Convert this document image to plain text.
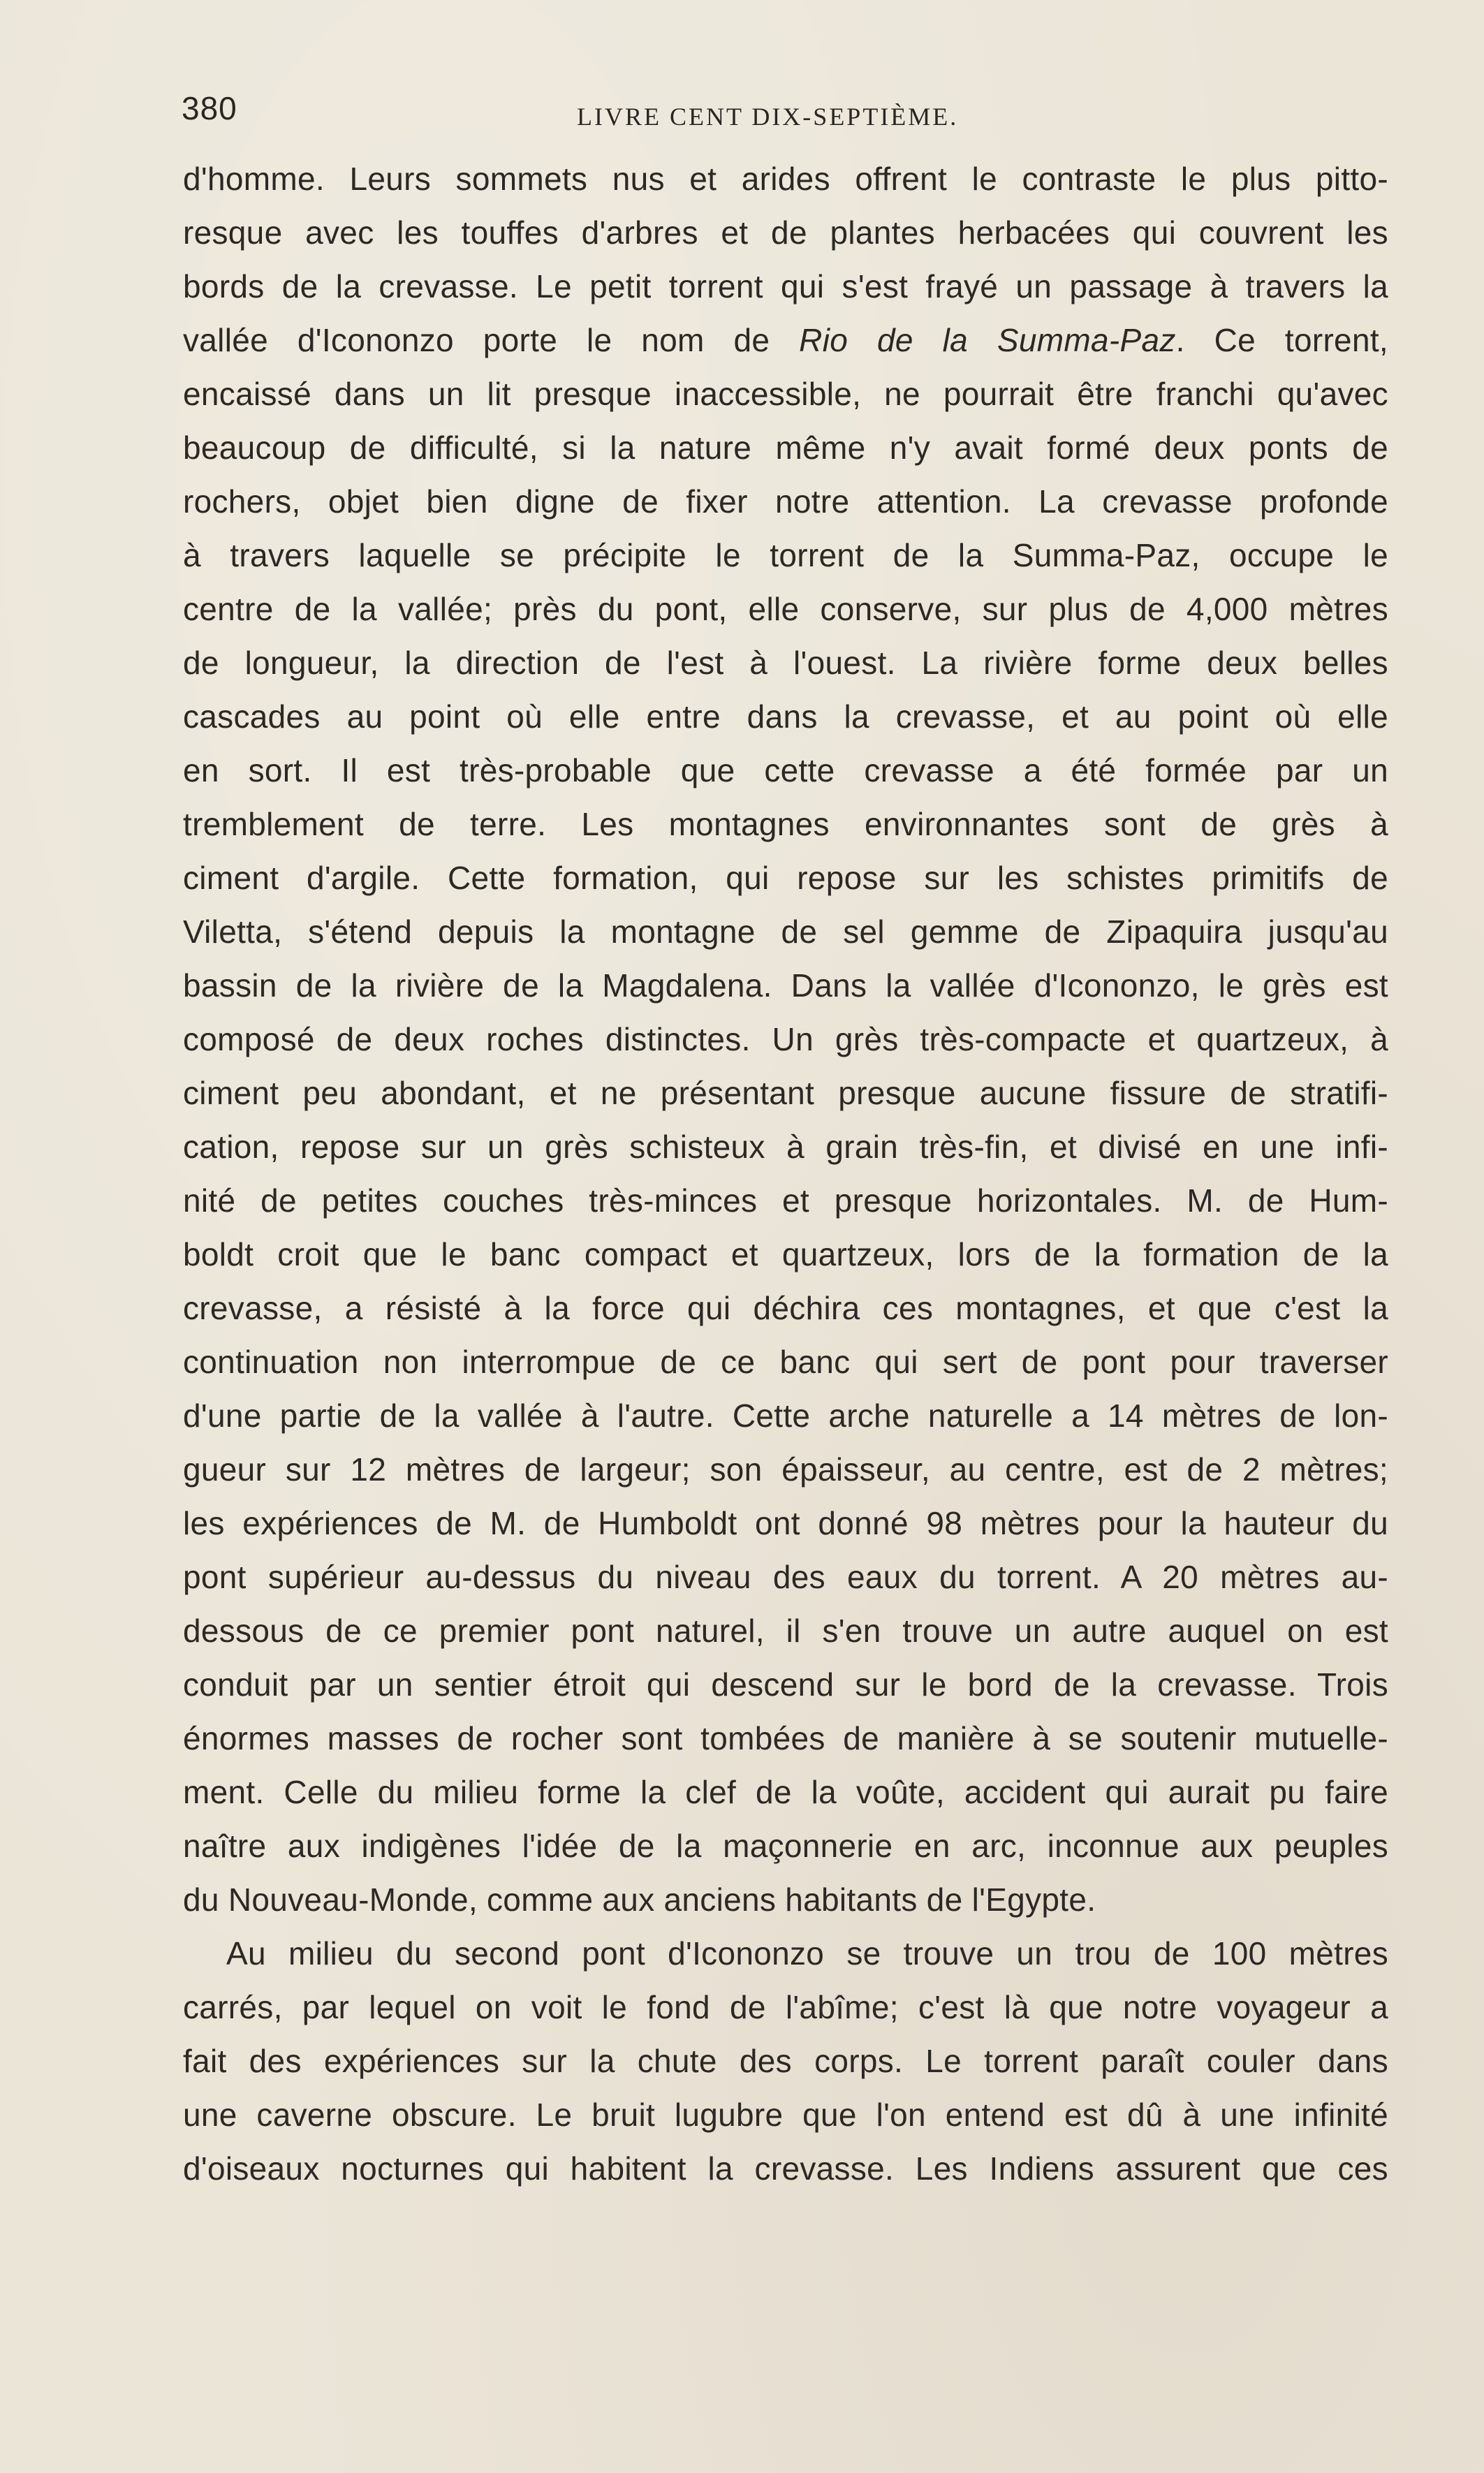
380	LIVRE CENT DIX-SEPTIÈME.
d'homme. Leurs sommets nus et arides offrent le contraste le plus pitto-
resque avec les touffes d'arbres et de plantes herbacées qui couvrent les
bords de la crevasse. Le petit torrent qui s'est frayé un passage à travers la
vallée d'Icononzo porte le nom de Rio de la Summa-Paz. Ce torrent,
encaissé dans un lit presque inaccessible, ne pourrait être franchi qu'avec
beaucoup de difficulté, si la nature même n'y avait formé deux ponts de
rochers, objet bien digne de fixer notre attention. La crevasse profonde
à travers laquelle se précipite le torrent de la Summa-Paz, occupe le
centre de la vallée; près du pont, elle conserve, sur plus de 4,000 mètres
de longueur, la direction de l'est à l'ouest. La rivière forme deux belles
cascades au point où elle entre dans la crevasse, et au point où elle
en sort. Il est très-probable que cette crevasse a été formée par un
tremblement de terre. Les montagnes environnantes sont de grès à
ciment d'argile. Cette formation, qui repose sur les schistes primitifs de
Viletta, s'étend depuis la montagne de sel gemme de Zipaquira jusqu'au
bassin de la rivière de la Magdalena. Dans la vallée d'Icononzo, le grès est
composé de deux roches distinctes. Un grès très-compacte et quartzeux, à
ciment peu abondant, et ne présentant presque aucune fissure de stratifi-
cation, repose sur un grès schisteux à grain très-fin, et divisé en une infi-
nité de petites couches très-minces et presque horizontales. M. de Hum-
boldt croit que le banc compact et quartzeux, lors de la formation de la
crevasse, a résisté à la force qui déchira ces montagnes, et que c'est la
continuation non interrompue de ce banc qui sert de pont pour traverser
d'une partie de la vallée à l'autre. Cette arche naturelle a 14 mètres de lon-
gueur sur 12 mètres de largeur; son épaisseur, au centre, est de 2 mètres;
les expériences de M. de Humboldt ont donné 98 mètres pour la hauteur du
pont supérieur au-dessus du niveau des eaux du torrent. A 20 mètres au-
dessous de ce premier pont naturel, il s'en trouve un autre auquel on est
conduit par un sentier étroit qui descend sur le bord de la crevasse. Trois
énormes masses de rocher sont tombées de manière à se soutenir mutuelle-
ment. Celle du milieu forme la clef de la voûte, accident qui aurait pu faire
naître aux indigènes l'idée de la maçonnerie en arc, inconnue aux peuples
du Nouveau-Monde, comme aux anciens habitants de l'Egypte.
Au milieu du second pont d'Icononzo se trouve un trou de 100 mètres
carrés, par lequel on voit le fond de l'abîme; c'est là que notre voyageur a
fait des expériences sur la chute des corps. Le torrent paraît couler dans
une caverne obscure. Le bruit lugubre que l'on entend est dû à une infinité
d'oiseaux nocturnes qui habitent la crevasse. Les Indiens assurent que ces
